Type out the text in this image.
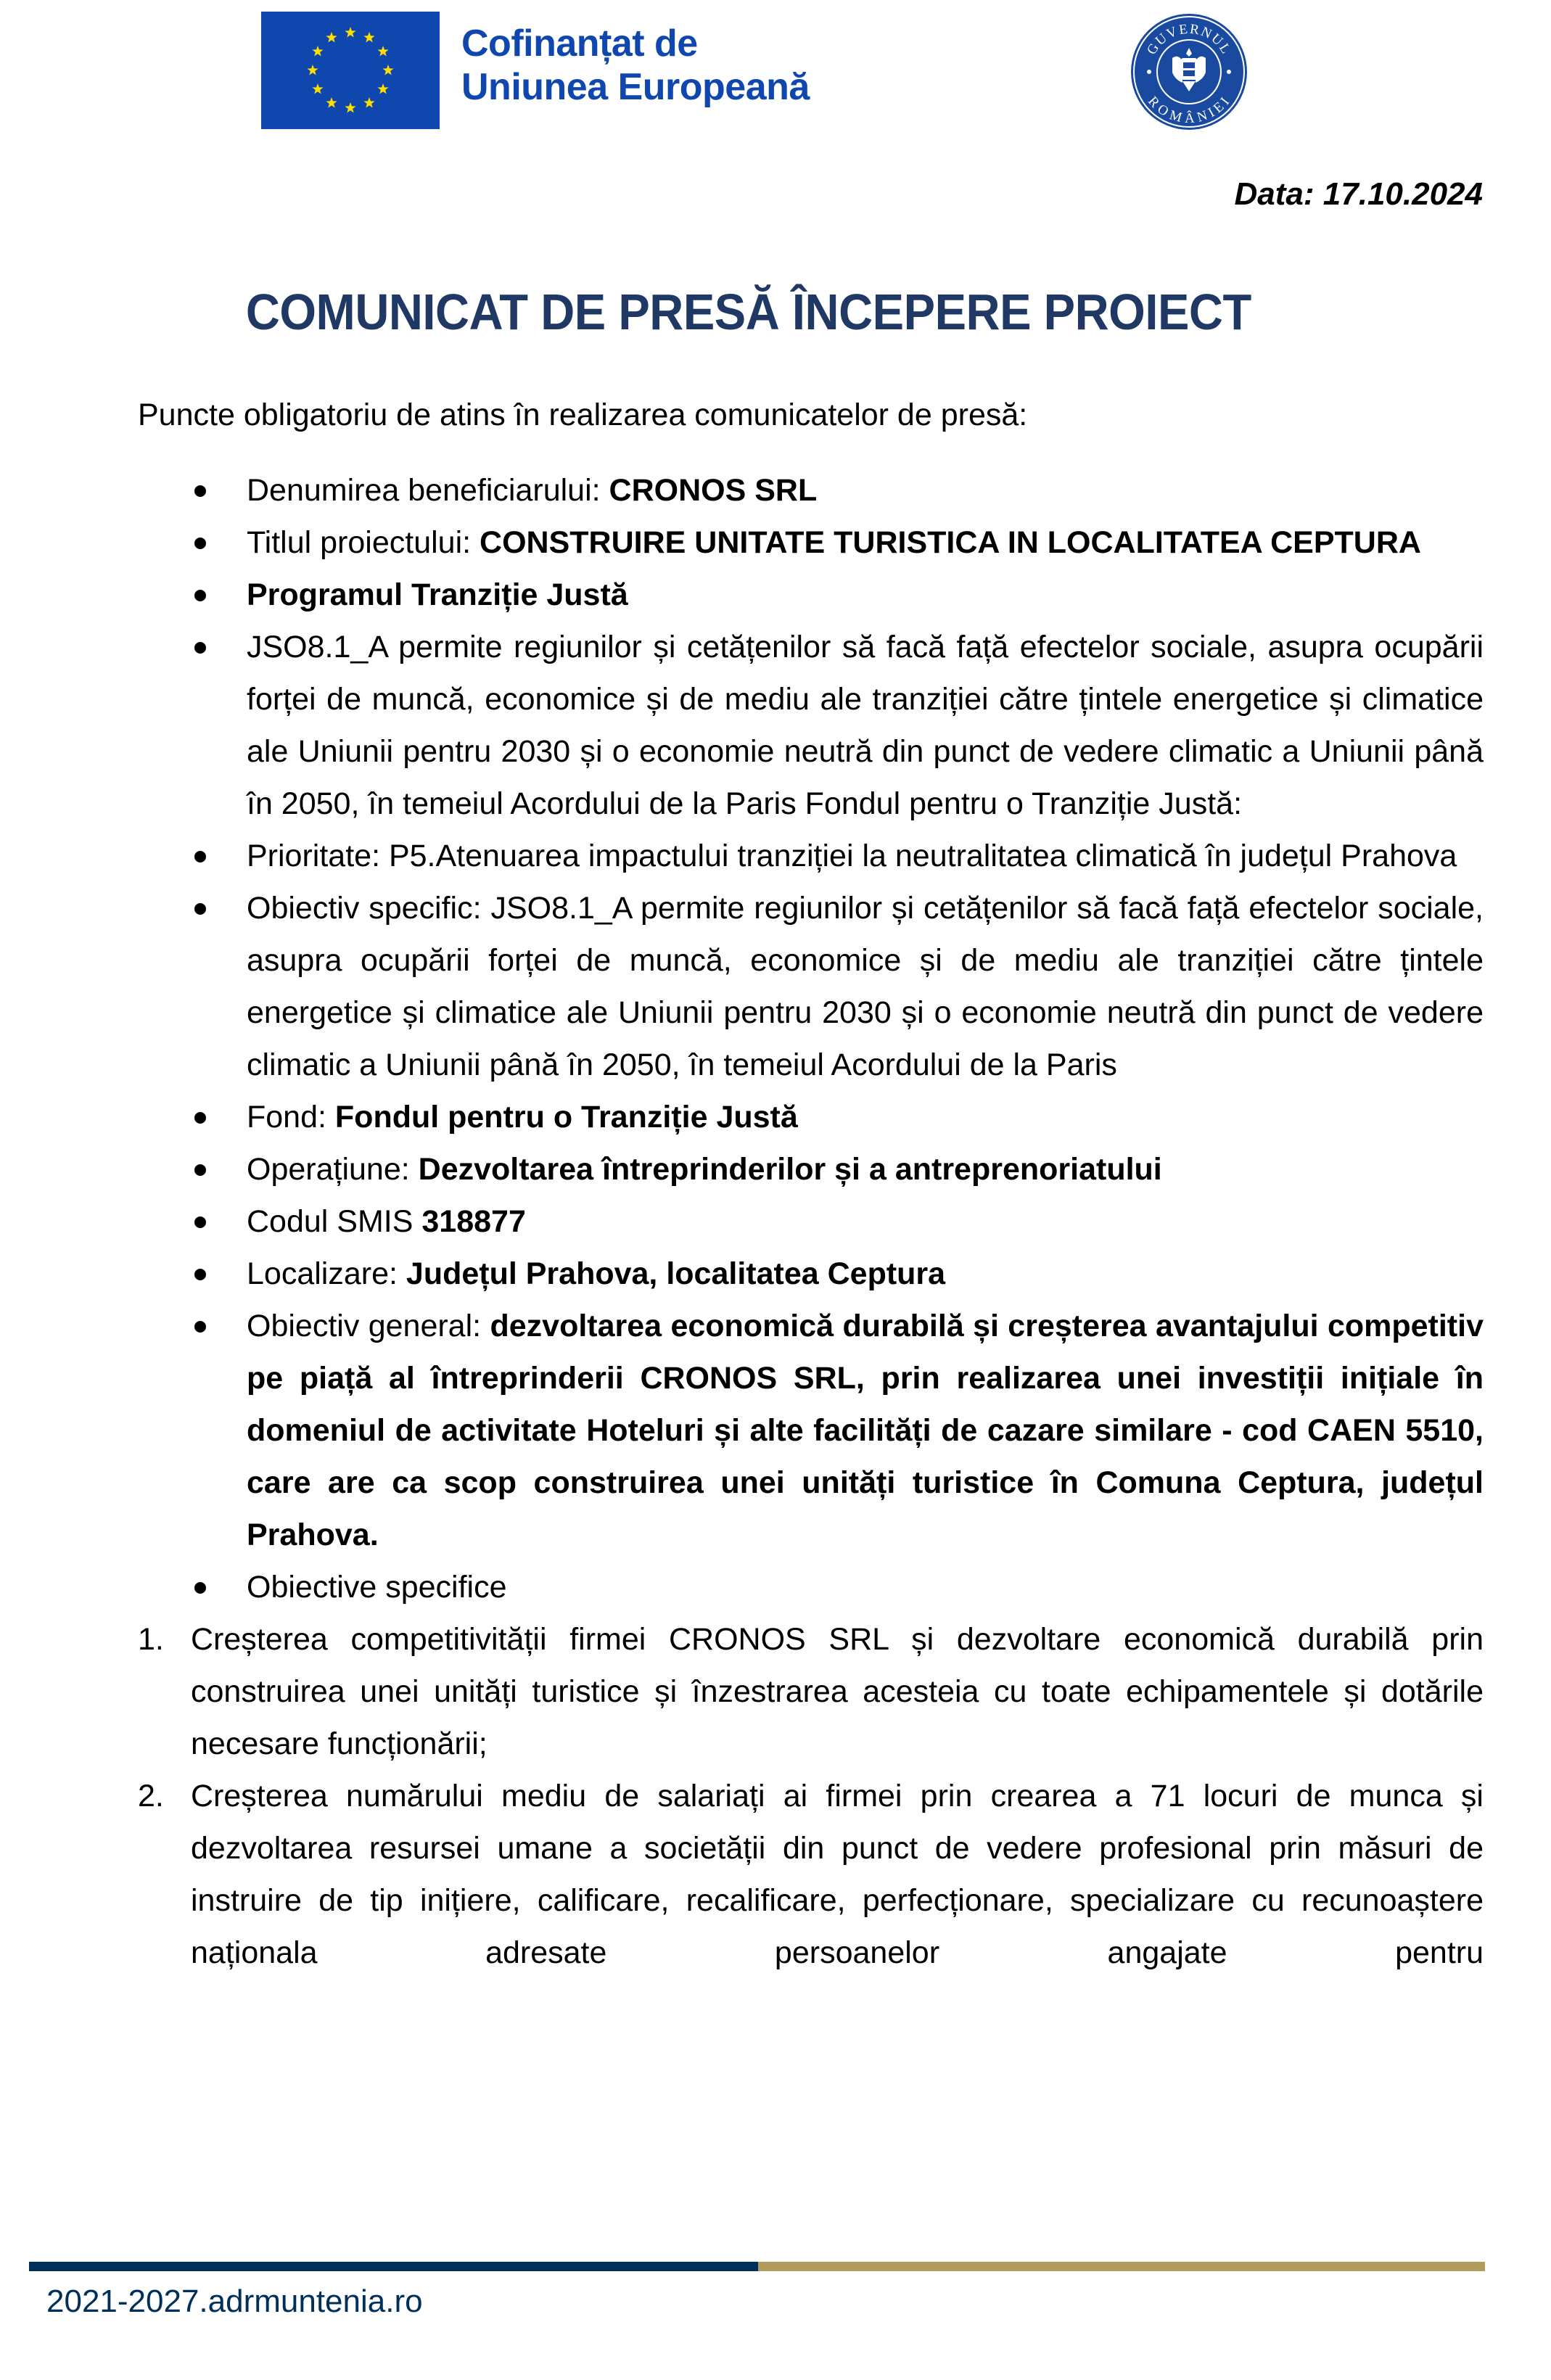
Cofinanțat de
Uniunea Europeană
GUVERNUL
ROMÂNIEI
Data: 17.10.2024
COMUNICAT DE PRESĂ ÎNCEPERE PROIECT
Puncte obligatoriu de atins în realizarea comunicatelor de presă:
Denumirea beneficiarului: CRONOS SRL
Titlul proiectului: CONSTRUIRE UNITATE TURISTICA IN LOCALITATEA CEPTURA
Programul Tranziție Justă
JSO8.1_A permite regiunilor și cetățenilor să facă față efectelor sociale, asupra ocupării forței de muncă, economice și de mediu ale tranziției către țintele energetice și climatice ale Uniunii pentru 2030 și o economie neutră din punct de vedere climatic a Uniunii până în 2050, în temeiul Acordului de la Paris Fondul pentru o Tranziție Justă:
Prioritate: P5.Atenuarea impactului tranziției la neutralitatea climatică în județul Prahova
Obiectiv specific: JSO8.1_A permite regiunilor și cetățenilor să facă față efectelor sociale, asupra ocupării forței de muncă, economice și de mediu ale tranziției către țintele energetice și climatice ale Uniunii pentru 2030 și o economie neutră din punct de vedere climatic a Uniunii până în 2050, în temeiul Acordului de la Paris
Fond: Fondul pentru o Tranziție Justă
Operațiune: Dezvoltarea întreprinderilor și a antreprenoriatului
Codul SMIS 318877
Localizare: Județul Prahova, localitatea Ceptura
Obiectiv general: dezvoltarea economică durabilă și creșterea avantajului competitiv pe piață al întreprinderii CRONOS SRL, prin realizarea unei investiții inițiale în domeniul de activitate Hoteluri și alte facilități de cazare similare - cod CAEN 5510, care are ca scop construirea unei unități turistice în Comuna Ceptura, județul Prahova.
Obiective specifice
1. Creșterea competitivității firmei CRONOS SRL și dezvoltare economică durabilă prin construirea unei unități turistice și înzestrarea acesteia cu toate echipamentele și dotările necesare funcționării;
2. Creșterea numărului mediu de salariați ai firmei prin crearea a 71 locuri de munca și dezvoltarea resursei umane a societății din punct de vedere profesional prin măsuri de instruire de tip inițiere, calificare, recalificare, perfecționare, specializare cu recunoaștere naționala adresate persoanelor angajate pentru
2021-2027.adrmuntenia.ro
